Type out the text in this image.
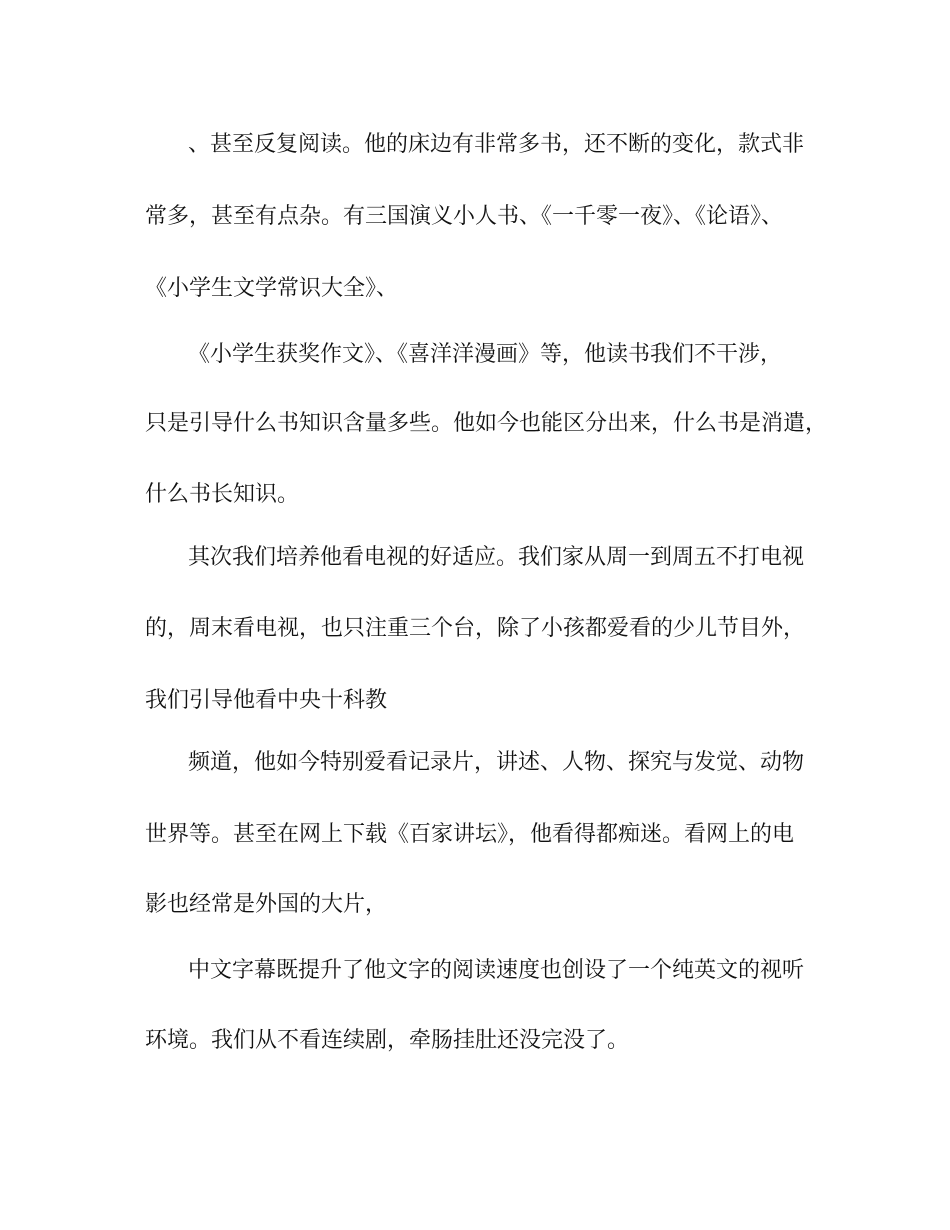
、甚至反复阅读。他的床边有非常多书，还不断的变化，款式非

常多，甚至有点杂。有三国演义小人书、《一千零一夜》、《论语》、

《小学生文学常识大全》、

《小学生获奖作文》、《喜洋洋漫画》等，他读书我们不干涉，

只是引导什么书知识含量多些。他如今也能区分出来，什么书是消遣，

什么书长知识。

其次我们培养他看电视的好适应。我们家从周一到周五不打电视

的，周末看电视，也只注重三个台，除了小孩都爱看的少儿节目外，

我们引导他看中央十科教

频道，他如今特别爱看记录片，讲述、人物、探究与发觉、动物

世界等。甚至在网上下载《百家讲坛》，他看得都痴迷。看网上的电

影也经常是外国的大片，

中文字幕既提升了他文字的阅读速度也创设了一个纯英文的视听

环境。我们从不看连续剧，牵肠挂肚还没完没了。
